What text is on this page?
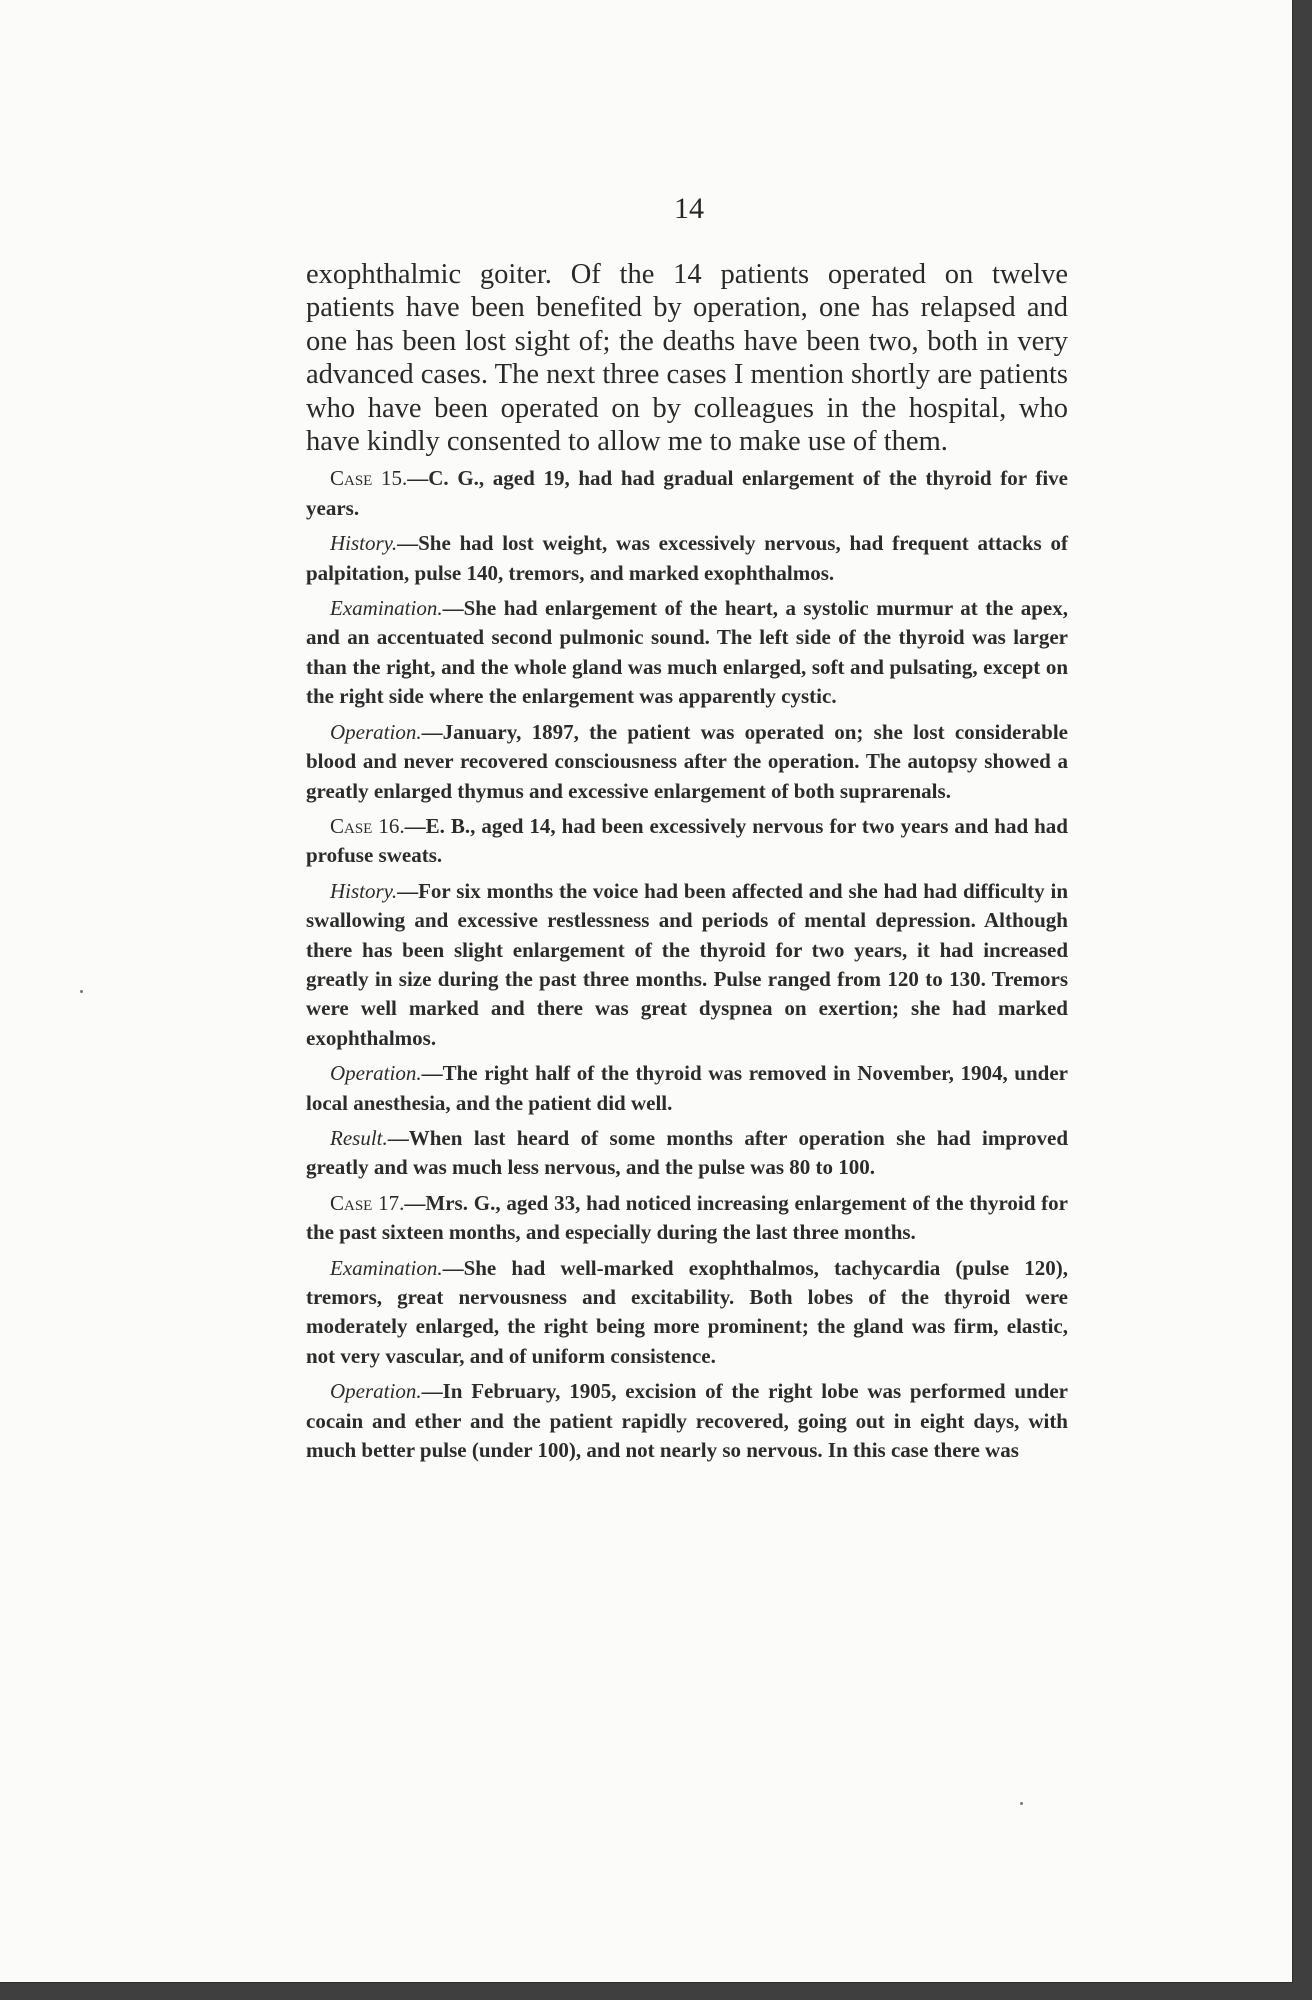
14

exophthalmic goiter. Of the 14 patients operated on twelve patients have been benefited by operation, one has relapsed and one has been lost sight of; the deaths have been two, both in very advanced cases. The next three cases I mention shortly are patients who have been operated on by colleagues in the hospital, who have kindly consented to allow me to make use of them.

Case 15.—C. G., aged 19, had had gradual enlargement of the thyroid for five years.

History.—She had lost weight, was excessively nervous, had frequent attacks of palpitation, pulse 140, tremors, and marked exophthalmos.

Examination.—She had enlargement of the heart, a systolic murmur at the apex, and an accentuated second pulmonic sound. The left side of the thyroid was larger than the right, and the whole gland was much enlarged, soft and pulsating, except on the right side where the enlargement was apparently cystic.

Operation.—January, 1897, the patient was operated on; she lost considerable blood and never recovered consciousness after the operation. The autopsy showed a greatly enlarged thymus and excessive enlargement of both suprarenals.

Case 16.—E. B., aged 14, had been excessively nervous for two years and had had profuse sweats.

History.—For six months the voice had been affected and she had had difficulty in swallowing and excessive restlessness and periods of mental depression. Although there has been slight enlargement of the thyroid for two years, it had increased greatly in size during the past three months. Pulse ranged from 120 to 130. Tremors were well marked and there was great dyspnea on exertion; she had marked exophthalmos.

Operation.—The right half of the thyroid was removed in November, 1904, under local anesthesia, and the patient did well.

Result.—When last heard of some months after operation she had improved greatly and was much less nervous, and the pulse was 80 to 100.

Case 17.—Mrs. G., aged 33, had noticed increasing enlargement of the thyroid for the past sixteen months, and especially during the last three months.

Examination.—She had well-marked exophthalmos, tachycardia (pulse 120), tremors, great nervousness and excitability. Both lobes of the thyroid were moderately enlarged, the right being more prominent; the gland was firm, elastic, not very vascular, and of uniform consistence.

Operation.—In February, 1905, excision of the right lobe was performed under cocain and ether and the patient rapidly recovered, going out in eight days, with much better pulse (under 100), and not nearly so nervous. In this case there was
